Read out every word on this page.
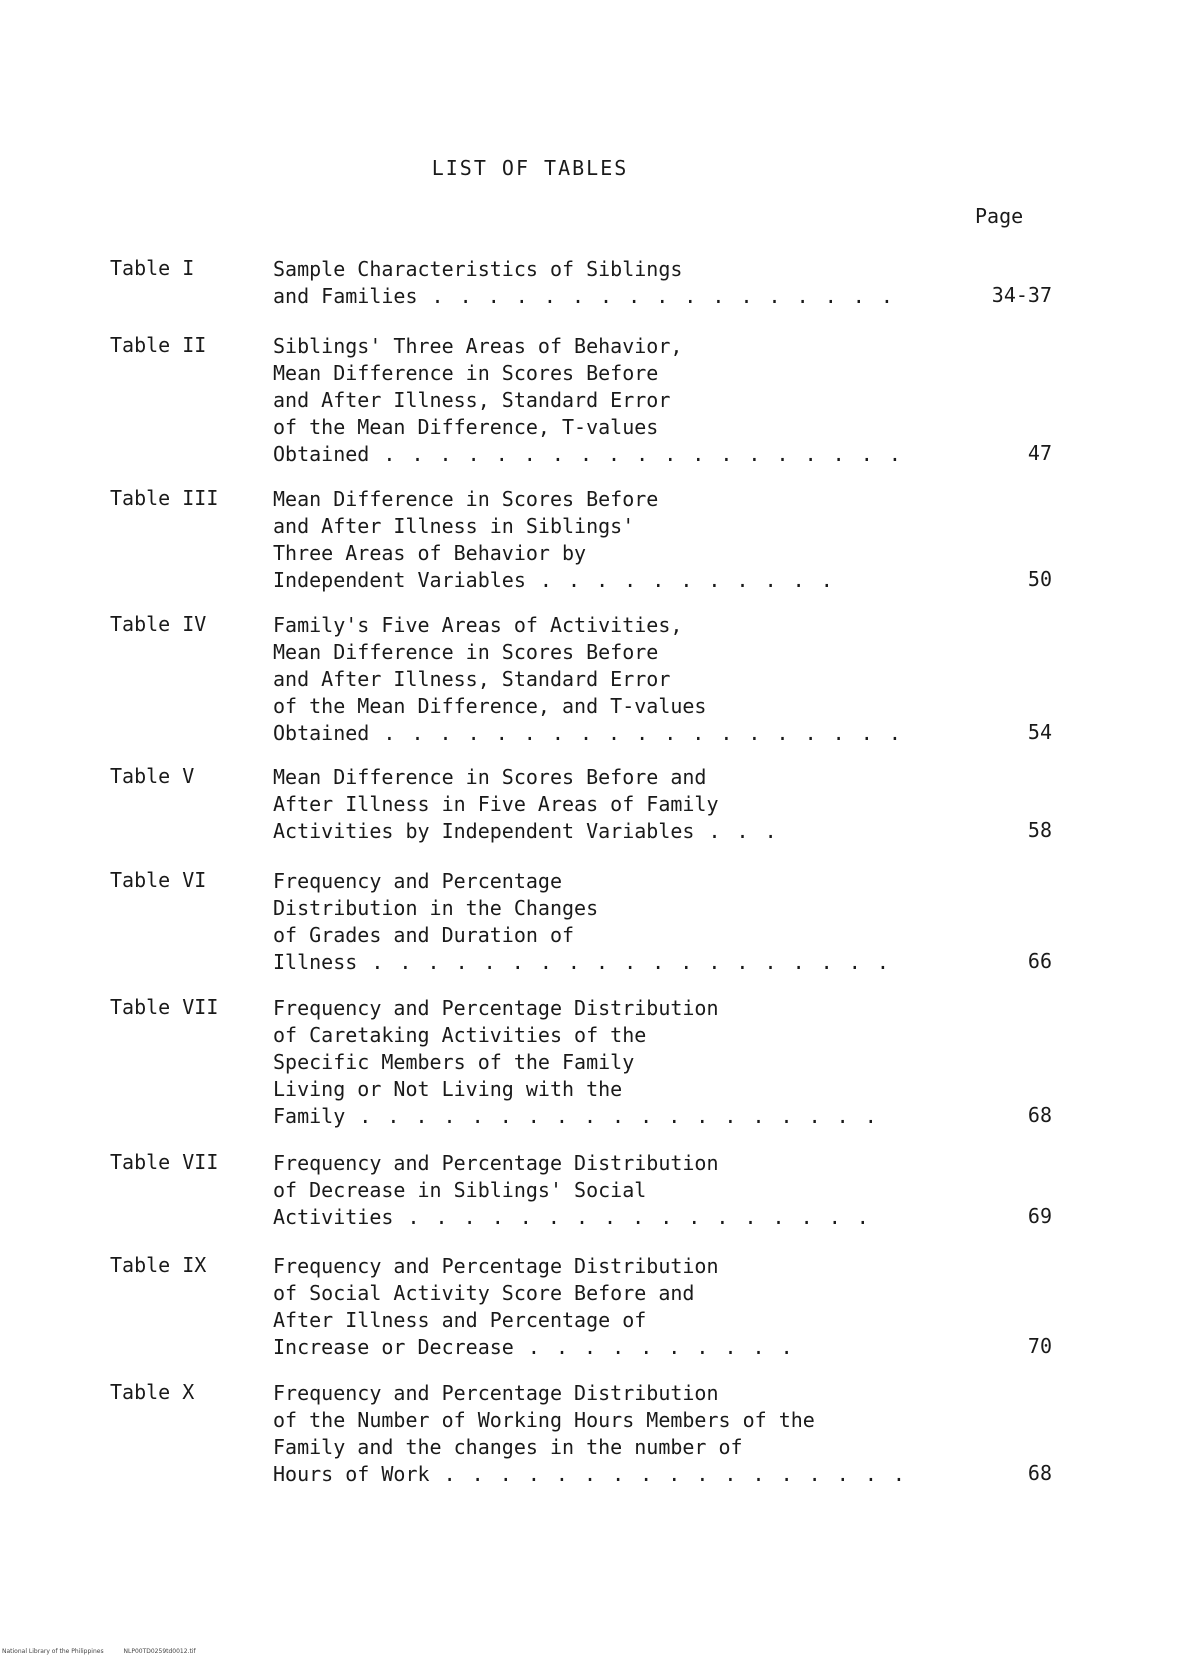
LIST OF TABLES
Page
Table I	Sample Characteristics of Siblings
and Families . . . . . . . . . . . . . . . . .	34-37
Table II	Siblings' Three Areas of Behavior,
Mean Difference in Scores Before
and After Illness, Standard Error
of the Mean Difference, T-values
Obtained . . . . . . . . . . . . . . . . . . .	47
Table III	Mean Difference in Scores Before
and After Illness in Siblings'
Three Areas of Behavior by
Independent Variables . . . . . . . . . . .	50
Table IV	Family's Five Areas of Activities,
Mean Difference in Scores Before
and After Illness, Standard Error
of the Mean Difference, and T-values
Obtained . . . . . . . . . . . . . . . . . . .	54
Table V	Mean Difference in Scores Before and
After Illness in Five Areas of Family
Activities by Independent Variables . . .	58
Table VI	Frequency and Percentage
Distribution in the Changes
of Grades and Duration of
Illness . . . . . . . . . . . . . . . . . . .	66
Table VII	Frequency and Percentage Distribution
of Caretaking Activities of the
Specific Members of the Family
Living or Not Living with the
Family . . . . . . . . . . . . . . . . . . .	68
Table VII	Frequency and Percentage Distribution
of Decrease in Siblings' Social
Activities . . . . . . . . . . . . . . . . .	69
Table IX	Frequency and Percentage Distribution
of Social Activity Score Before and
After Illness and Percentage of
Increase or Decrease . . . . . . . . . .	70
Table X	Frequency and Percentage Distribution
of the Number of Working Hours Members of the
Family and the changes in the number of
Hours of Work . . . . . . . . . . . . . . . . .	68
National Library of the Philippines	NLP00TD0259td0012.tif
